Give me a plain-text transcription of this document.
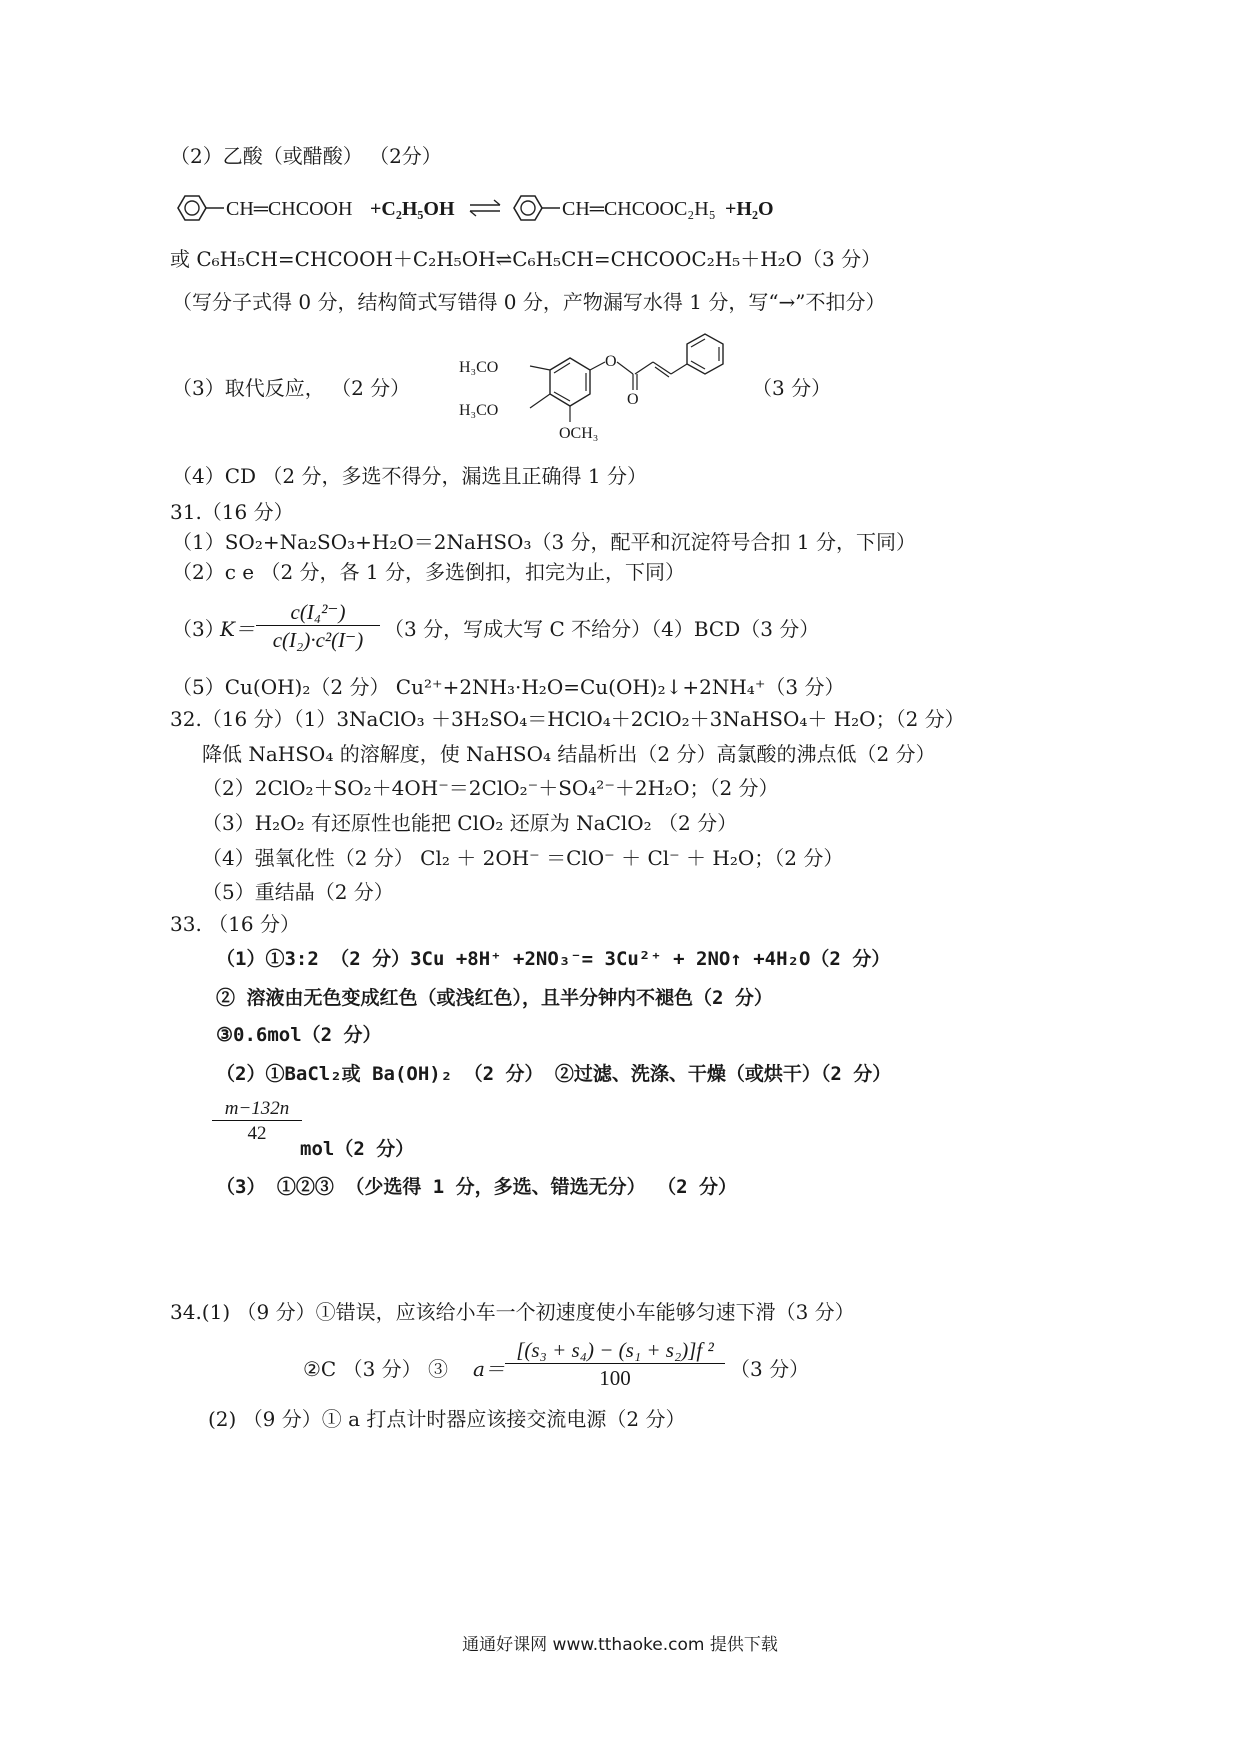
（2）乙酸（或醋酸） （2分）
CH═CHCOOH +C₂H₅OH	CH═CHCOOC₂H₅ +H₂O
或 C₆H₅CH=CHCOOH＋C₂H₅OH⇌C₆H₅CH=CHCOOC₂H₅＋H₂O（3 分）
（写分子式得 0 分，结构简式写错得 0 分，产物漏写水得 1 分，写“→”不扣分）
（3）取代反应， （2 分）
H₃CO
H₃CO
OCH₃
O
O	（3 分）
（4）CD （2 分，多选不得分，漏选且正确得 1 分）
31.（16 分）
（1）SO₂+Na₂SO₃+H₂O＝2NaHSO₃（3 分，配平和沉淀符号合扣 1 分，下同）
（2）c e （2 分，各 1 分，多选倒扣，扣完为止，下同）
（3）
$K= \frac{\text{c(I₄²⁻)}}{\text{c(I₂)·c²(I⁻)}} (3$ 分，写成大写 C 不给分）（4）BCD（3 分）
（5）Cu(OH)₂（2 分） Cu²⁺+2NH₃·H₂O=Cu(OH)₂↓+2NH₄⁺（3 分）
32.（16 分）（1）3NaClO₃ ＋3H₂SO₄＝HClO₄＋2ClO₂＋3NaHSO₄＋ H₂O；（2 分）
降低 NaHSO₄ 的溶解度，使 NaHSO₄ 结晶析出（2 分）高氯酸的沸点低（2 分）
（2）2ClO₂＋SO₂＋4OH⁻＝2ClO₂⁻＋SO₄²⁻＋2H₂O；（2 分）
（3）H₂O₂ 有还原性也能把 ClO₂ 还原为 NaClO₂ （2 分）
（4）强氧化性（2 分） Cl₂ ＋ 2OH⁻ ＝ClO⁻ ＋ Cl⁻ ＋ H₂O；（2 分）
（5）重结晶（2 分）
33. （16 分）
（1）①3:2 （2 分）3Cu +8H⁺ +2NO₃⁻= 3Cu²⁺ + 2NO↑ +4H₂O（2 分）
② 溶液由无色变成红色（或浅红色），且半分钟内不褪色（2 分）
③0.6mol（2 分）
（2）①BaCl₂或 Ba(OH)₂ （2 分） ②过滤、洗涤、干燥（或烘干）（2 分）
$\frac{m-132n}{42}$
mol（2 分）
（3） ①②③ （少选得 1 分，多选、错选无分） （2 分）
34.(1) （9 分）①错误，应该给小车一个初速度使小车能够匀速下滑（3 分）
②C （3 分） ③ $a= \frac{\text{[(s₃ + s₄) − (s₁ + s₂)]f ²}}{100} (3$ 分）
(2) （9 分）① a 打点计时器应该接交流电源（2 分）
通通好课网 www.tthaoke.com 提供下载
